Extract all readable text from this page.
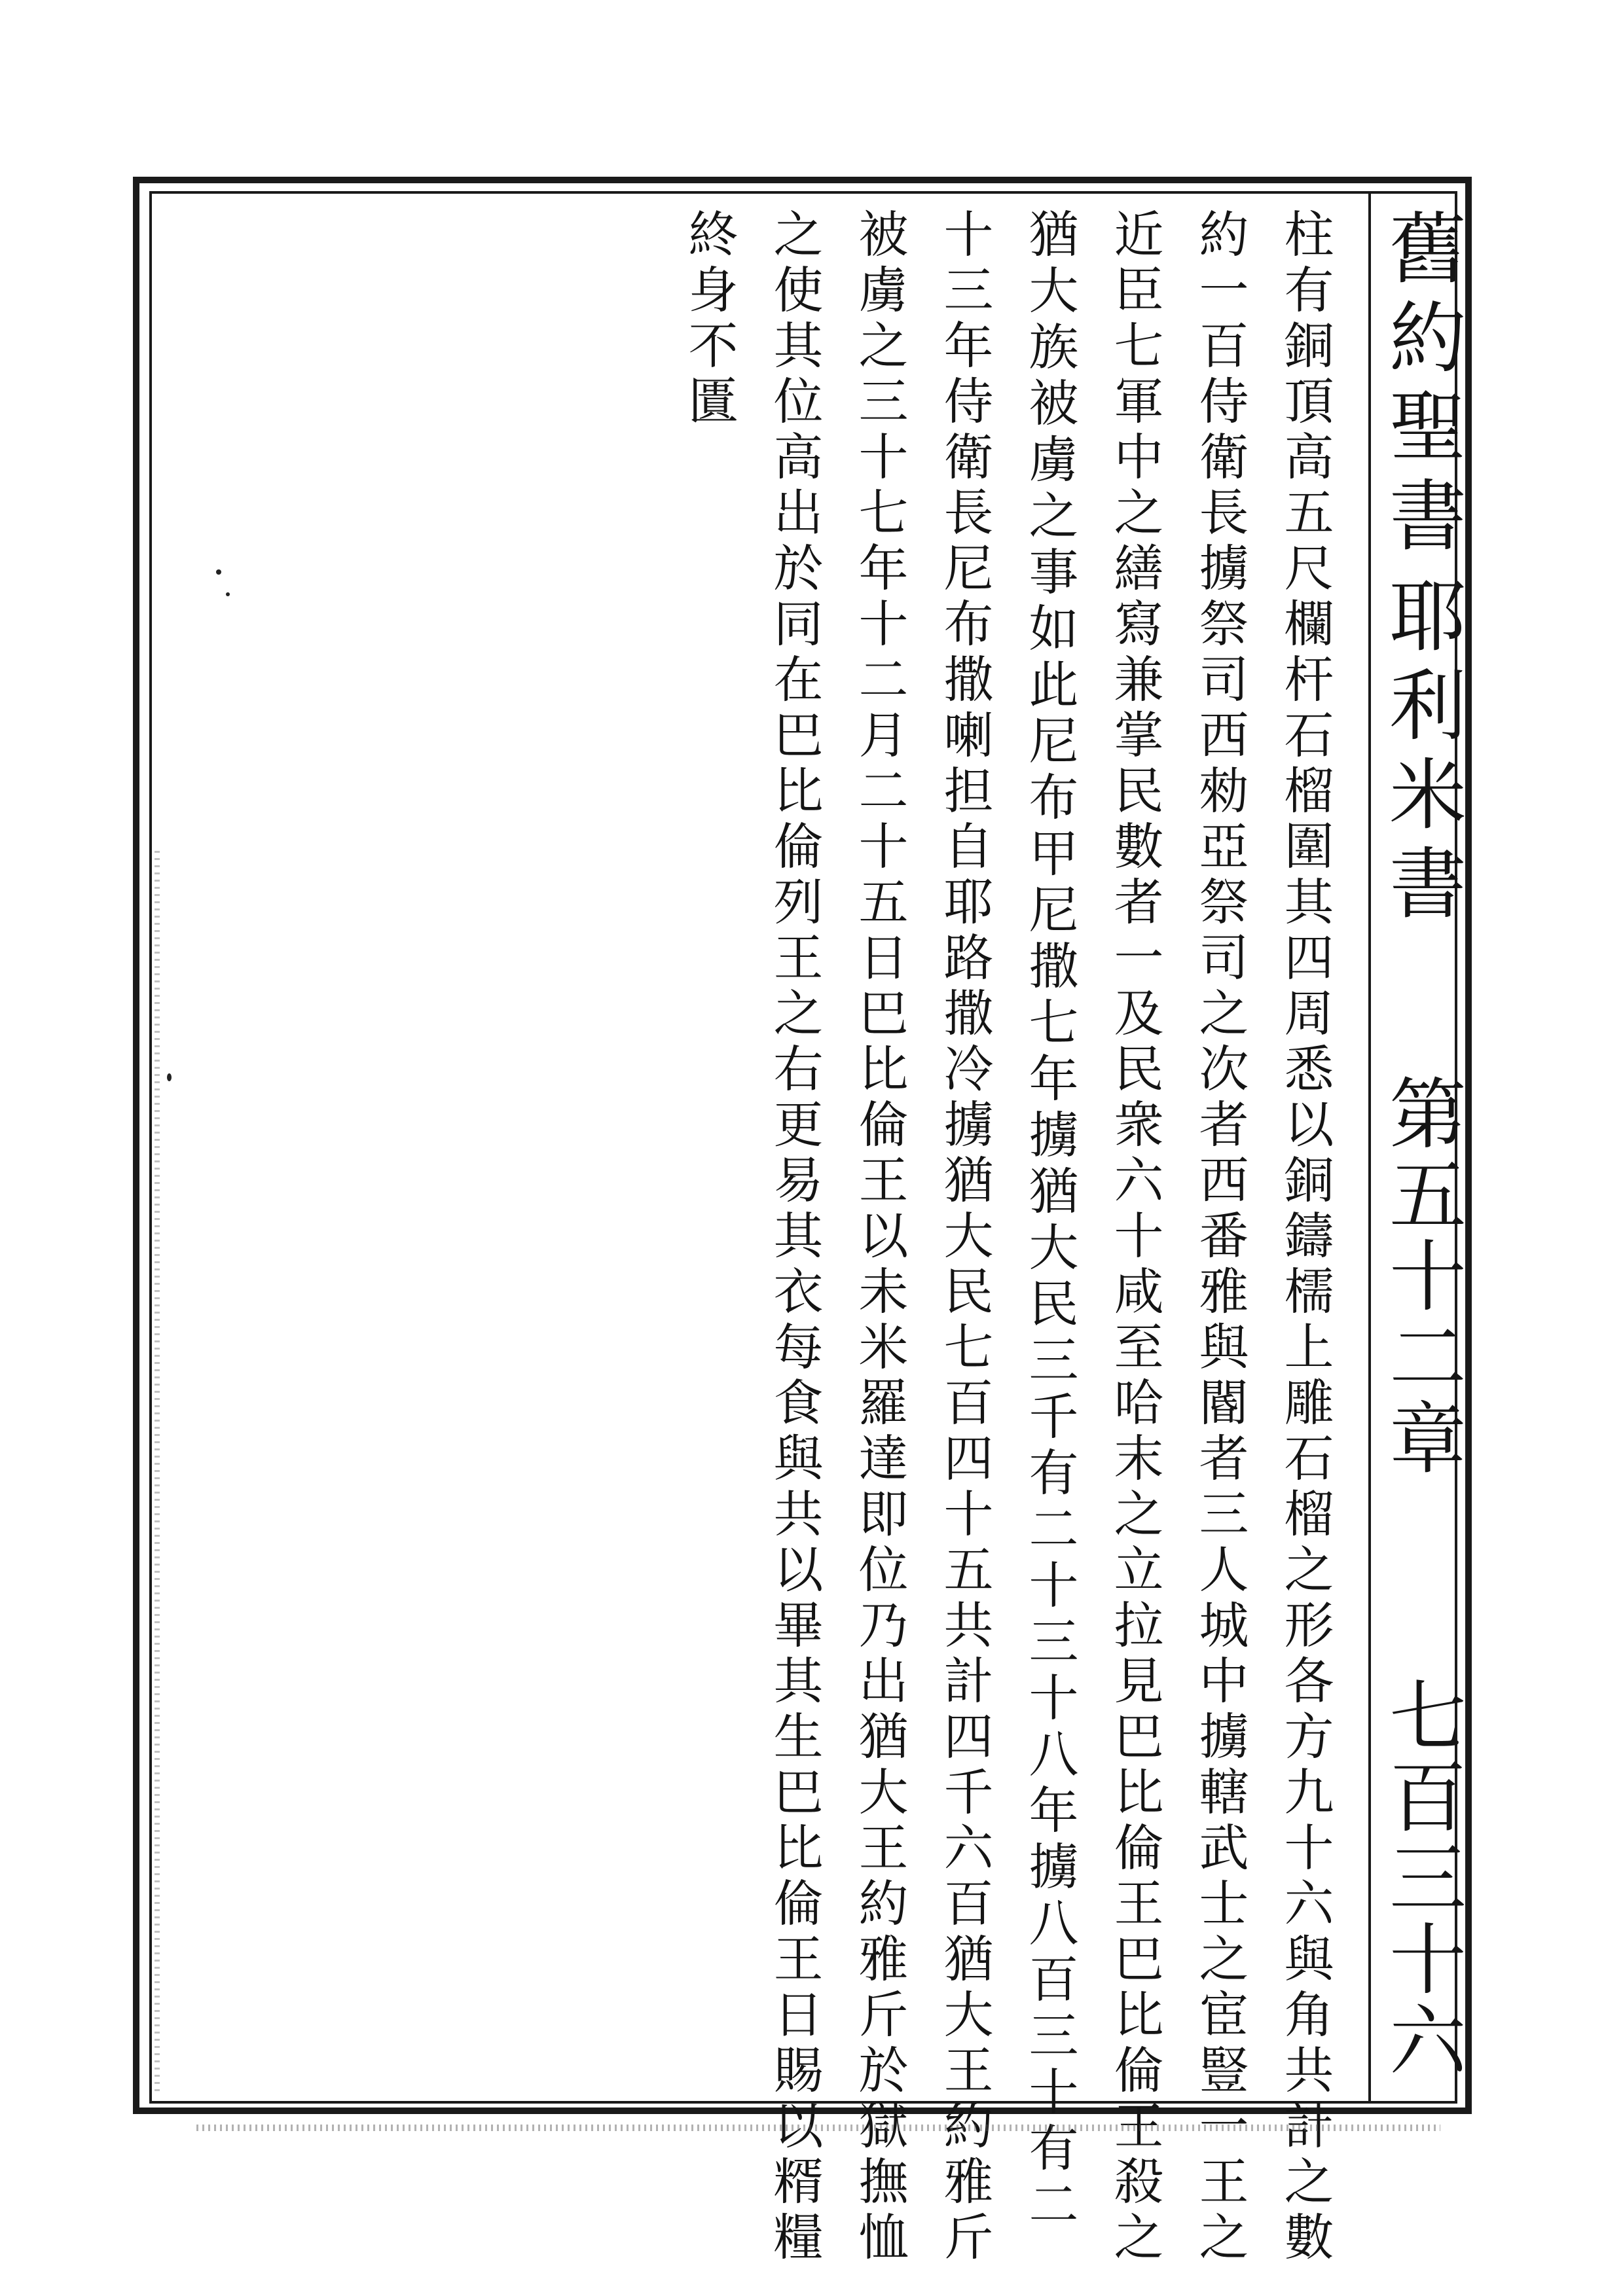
舊約聖書
耶利米書
第五十二章
七百三十六
柱有銅頂高五尺欄杆石榴圍其四周悉以銅鑄檽上雕石榴之形各方九十六與角共計之數
約一百侍衛長擄祭司西勑亞祭司之次者西番雅與閽者三人城中擄轄武士之宦豎一王之
近臣七軍中之繕寫兼掌民數者一及民衆六十咸至哈末之立拉見巴比倫王巴比倫王殺之
猶大族被虜之事如此尼布甲尼撒七年擄猶大民三千有二十三十八年擄八百三十有二
十三年侍衛長尼布撒喇担自耶路撒冷擄猶大民七百四十五共計四千六百猶大王約雅斤
被虜之三十七年十二月二十五日巴比倫王以未米羅達即位乃出猶大王約雅斤於獄撫恤
之使其位高出於同在巴比倫列王之右更易其衣每食與共以畢其生巴比倫王日賜以糈糧
終身不匱
